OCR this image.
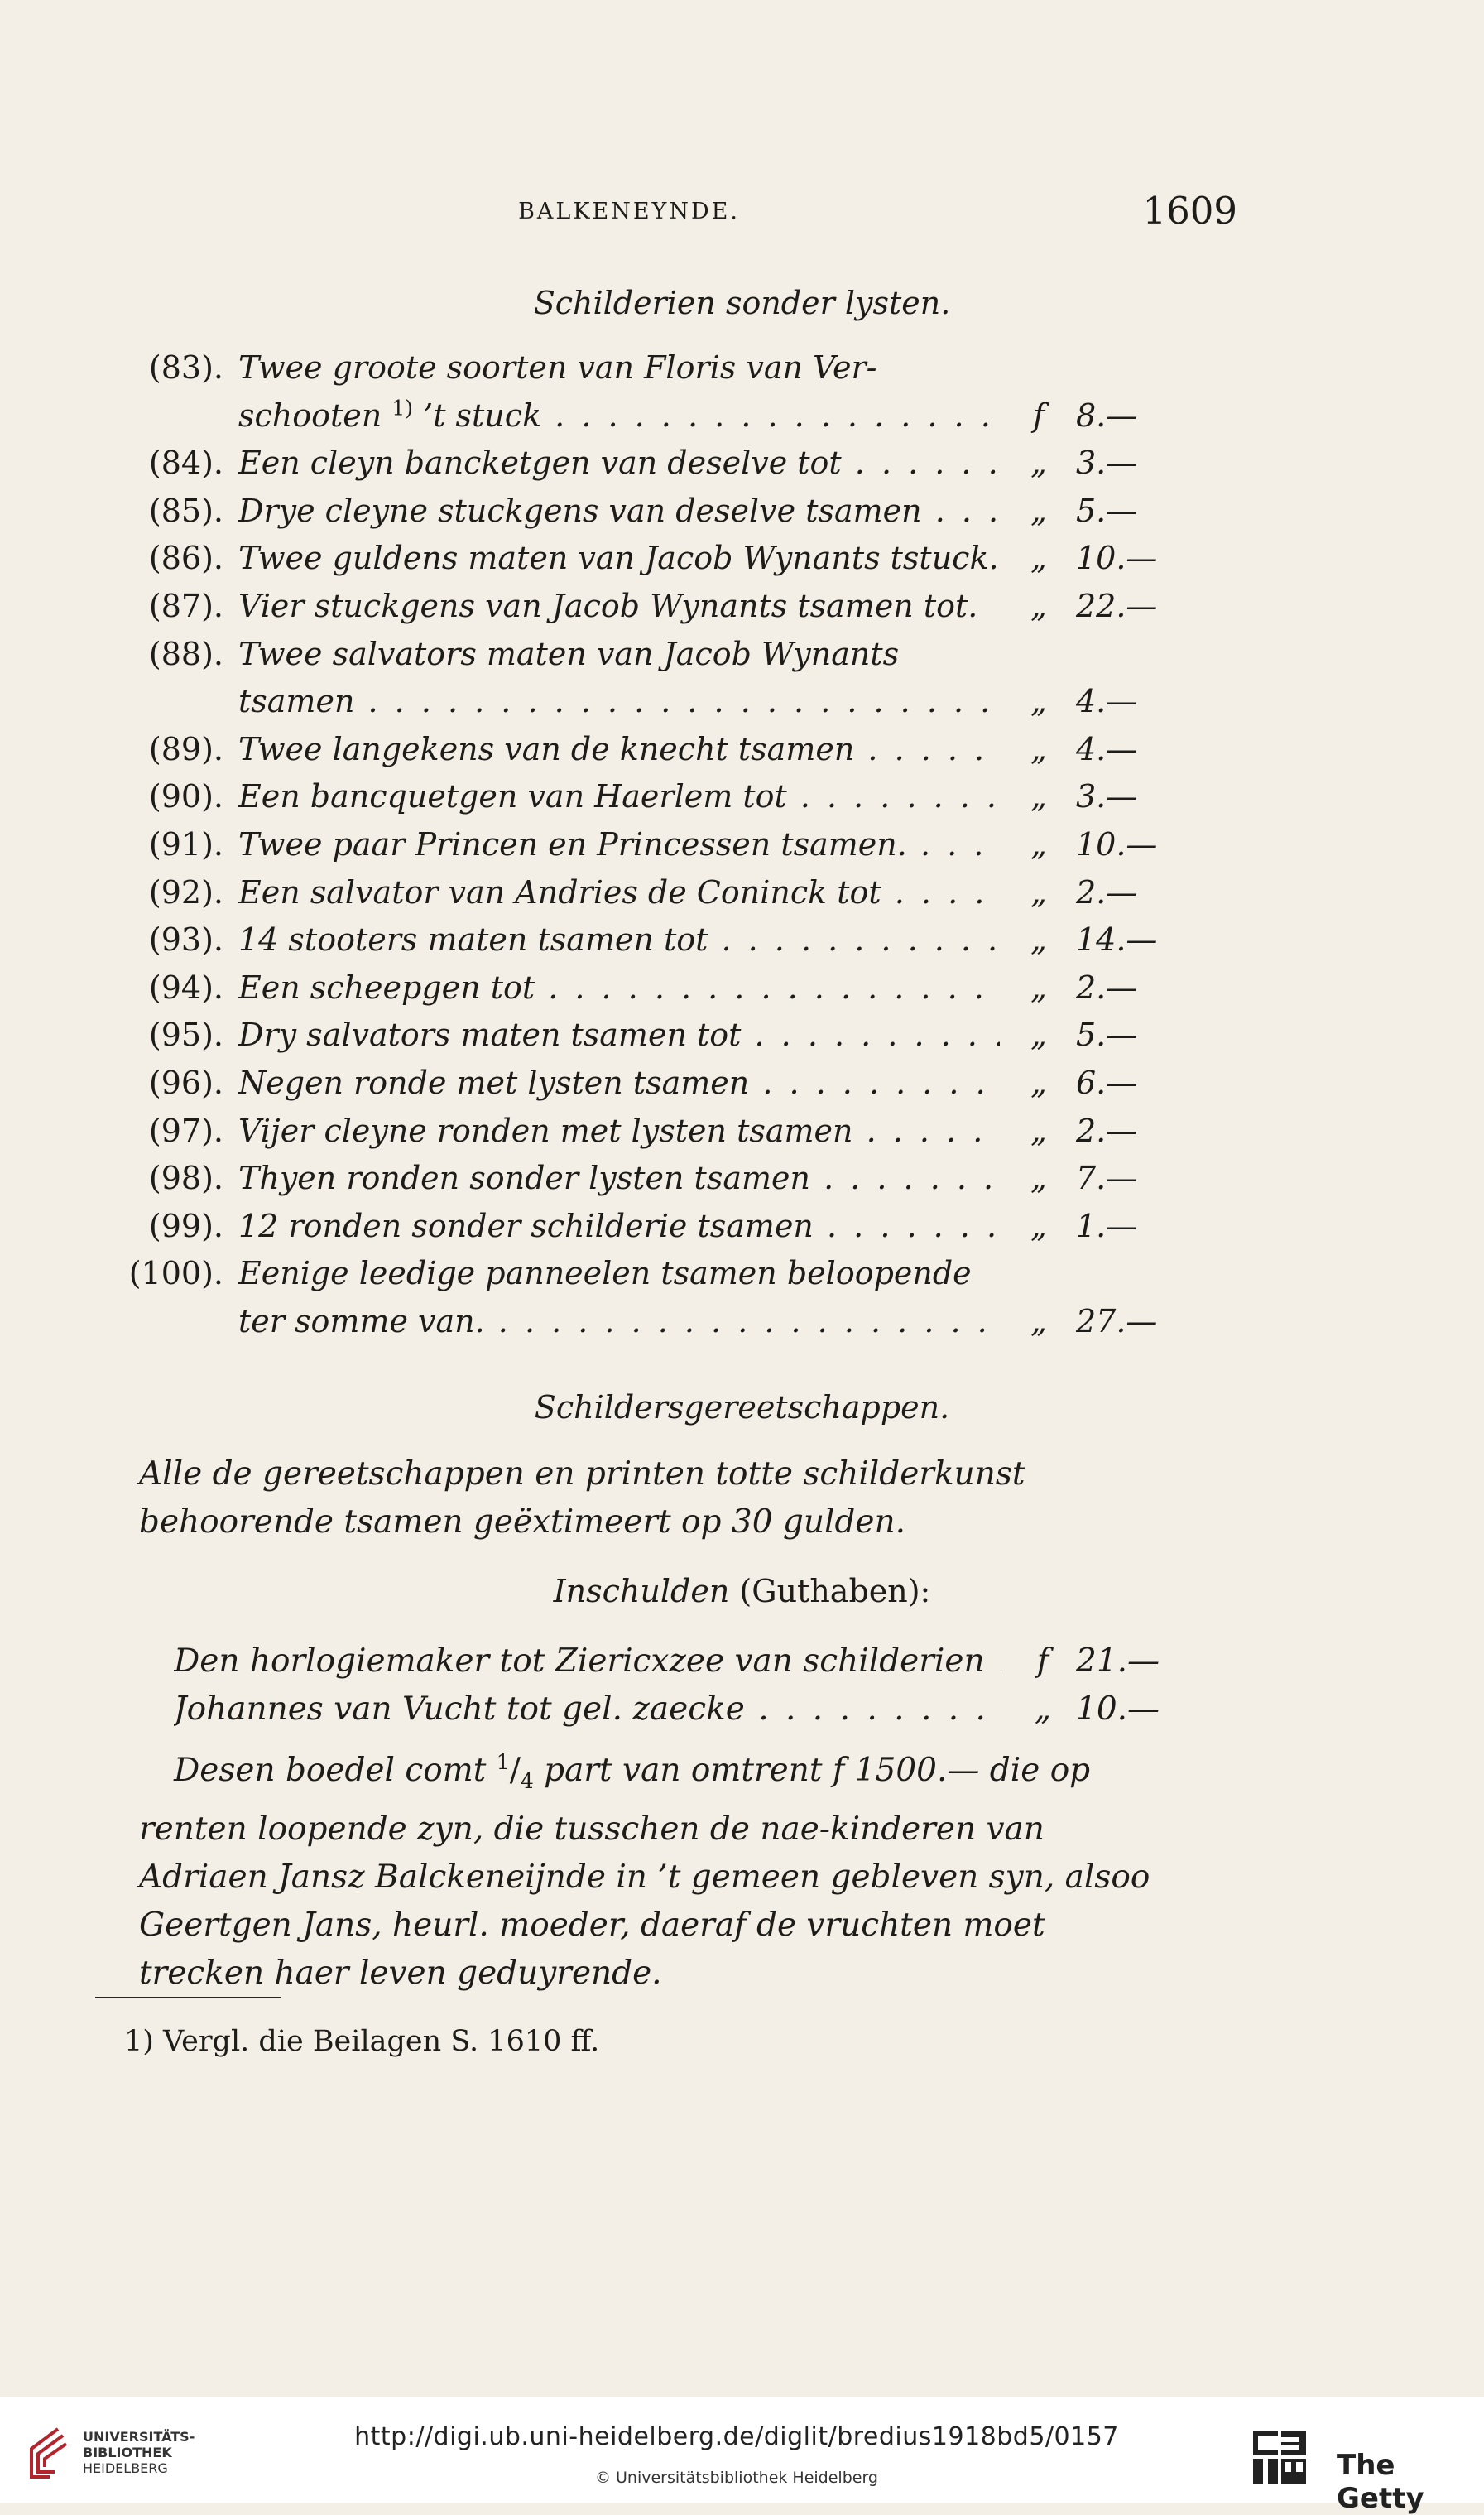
BALKENEYNDE.	1609
Schilderien sonder lysten.
(83). Twee groote soorten van Floris van Ver-
schooten $^{1)}$ ’t stuck . . .	f 8.—
(84). Een cleyn bancketgen van deselve tot . . .	„ 3.—
(85). Drye cleyne stuckgens van deselve tsamen . . .	„ 5.—
(86). Twee guldens maten van Jacob Wynants tstuck.	„ 10.—
(87). Vier stuckgens van Jacob Wynants tsamen tot.	„ 22.—
(88). Twee salvators maten van Jacob Wynants
tsamen . . .	„ 4.—
(89). Twee langekens van de knecht tsamen . . .	„ 4.—
(90). Een bancquetgen van Haerlem tot . . .	„ 3.—
(91). Twee paar Princen en Princessen tsamen. . . .	„ 10.—
(92). Een salvator van Andries de Coninck tot . . .	„ 2.—
(93). 14 stooters maten tsamen tot . . .	„ 14.—
(94). Een scheepgen tot . . .	„ 2.—
(95). Dry salvators maten tsamen tot . . .	„ 5.—
(96). Negen ronde met lysten tsamen . . .	„ 6.—
(97). Vijer cleyne ronden met lysten tsamen . . .	„ 2.—
(98). Thyen ronden sonder lysten tsamen . . .	„ 7.—
(99). 12 ronden sonder schilderie tsamen . . .	„ 1.—
(100). Eenige leedige panneelen tsamen beloopende
ter somme van. . . .	„ 27.—
Schildersgereetschappen.
Alle de gereetschappen en printen totte schilderkunst behoorende tsamen geëxtimeert op 30 gulden.
Inschulden (Guthaben):
Den horlogiemaker tot Ziericxzee van schilderien . . .	f 21.—
Johannes van Vucht tot gel. zaecke . . .	„ 10.—
Desen boedel comt $^1/_4$ part van omtrent f 1500.— die op renten loopende zyn, die tusschen de nae-kinderen van Adriaen Jansz Balckeneijnde in ’t gemeen gebleven syn, alsoo Geertgen Jans, heurl. moeder, daeraf de vruchten moet trecken haer leven geduyrende.
1) Vergl. die Beilagen S. 1610 ff.
UNIVERSITÄTS-
BIBLIOTHEK
HEIDELBERG
http://digi.ub.uni-heidelberg.de/diglit/bredius1918bd5/0157
© Universitätsbibliothek Heidelberg	The Getty
